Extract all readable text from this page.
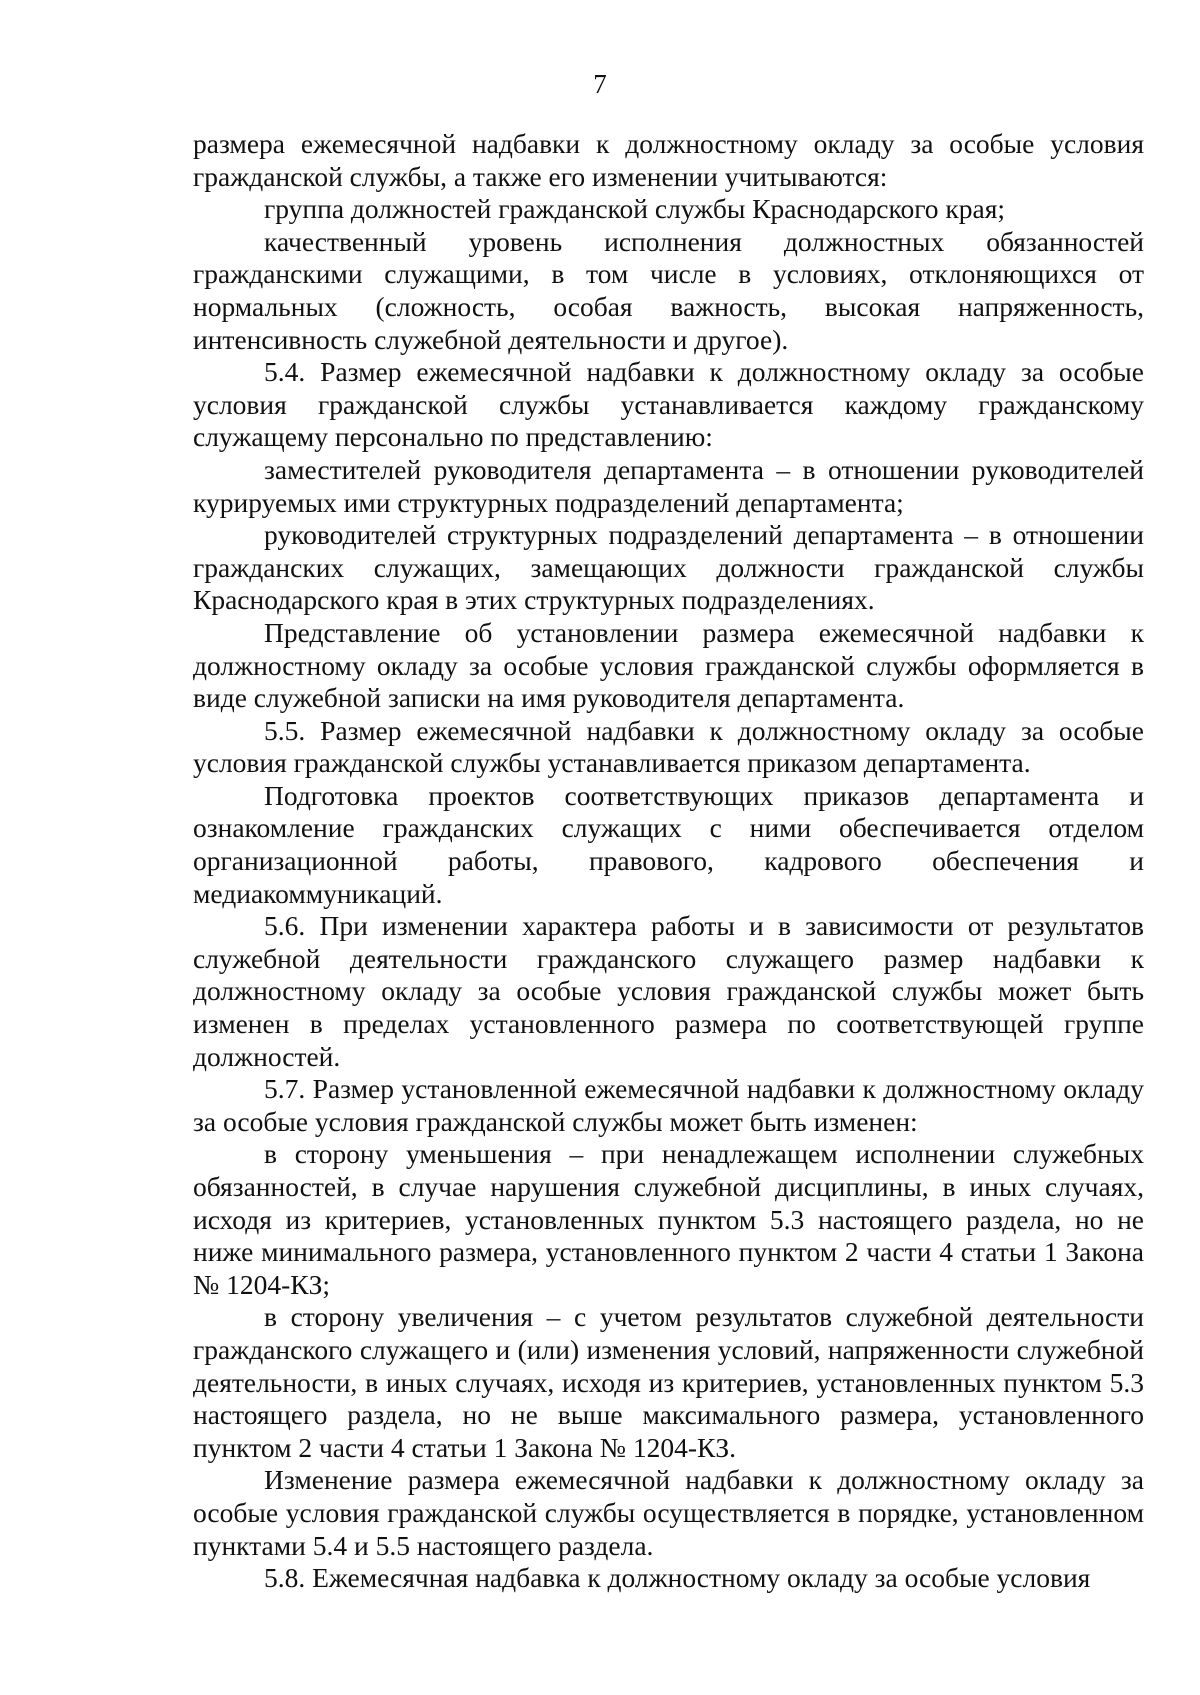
7

размера ежемесячной надбавки к должностному окладу за особые условия гражданской службы, а также его изменении учитываются:

группа должностей гражданской службы Краснодарского края;

качественный уровень исполнения должностных обязанностей гражданскими служащими, в том числе в условиях, отклоняющихся от нормальных (сложность, особая важность, высокая напряженность, интенсивность служебной деятельности и другое).

5.4. Размер ежемесячной надбавки к должностному окладу за особые условия гражданской службы устанавливается каждому гражданскому служащему персонально по представлению:

заместителей руководителя департамента – в отношении руководителей курируемых ими структурных подразделений департамента;

руководителей структурных подразделений департамента – в отношении гражданских служащих, замещающих должности гражданской службы Краснодарского края в этих структурных подразделениях.

Представление об установлении размера ежемесячной надбавки к должностному окладу за особые условия гражданской службы оформляется в виде служебной записки на имя руководителя департамента.

5.5. Размер ежемесячной надбавки к должностному окладу за особые условия гражданской службы устанавливается приказом департамента.

Подготовка проектов соответствующих приказов департамента и ознакомление гражданских служащих с ними обеспечивается отделом организационной работы, правового, кадрового обеспечения и медиакоммуникаций.

5.6. При изменении характера работы и в зависимости от результатов служебной деятельности гражданского служащего размер надбавки к должностному окладу за особые условия гражданской службы может быть изменен в пределах установленного размера по соответствующей группе должностей.

5.7. Размер установленной ежемесячной надбавки к должностному окладу за особые условия гражданской службы может быть изменен:

в сторону уменьшения – при ненадлежащем исполнении служебных обязанностей, в случае нарушения служебной дисциплины, в иных случаях, исходя из критериев, установленных пунктом 5.3 настоящего раздела, но не ниже минимального размера, установленного пунктом 2 части 4 статьи 1 Закона № 1204-КЗ;

в сторону увеличения – с учетом результатов служебной деятельности гражданского служащего и (или) изменения условий, напряженности служебной деятельности, в иных случаях, исходя из критериев, установленных пунктом 5.3 настоящего раздела, но не выше максимального размера, установленного пунктом 2 части 4 статьи 1 Закона № 1204-КЗ.

Изменение размера ежемесячной надбавки к должностному окладу за особые условия гражданской службы осуществляется в порядке, установленном пунктами 5.4 и 5.5 настоящего раздела.

5.8. Ежемесячная надбавка к должностному окладу за особые условия
